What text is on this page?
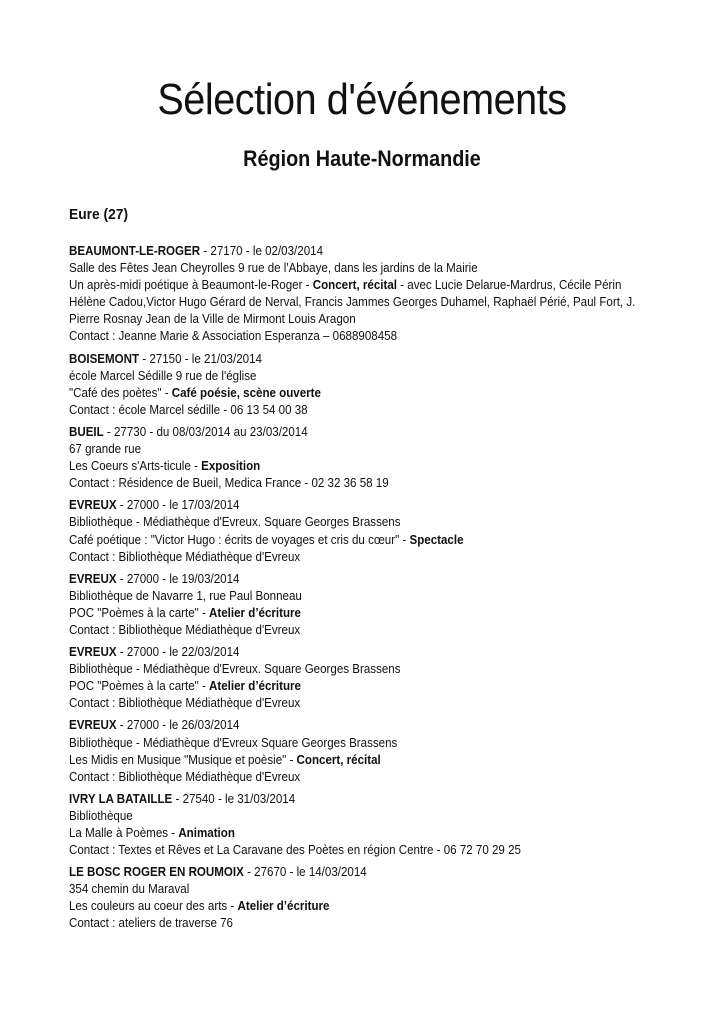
Sélection d'événements
Région Haute-Normandie
Eure (27)
BEAUMONT-LE-ROGER - 27170 - le 02/03/2014
Salle des Fêtes Jean Cheyrolles 9 rue de l'Abbaye, dans les jardins de la Mairie
Un après-midi poétique à Beaumont-le-Roger - Concert, récital - avec Lucie Delarue-Mardrus, Cécile Périn
Hélène Cadou,Victor Hugo Gérard de Nerval, Francis Jammes Georges Duhamel, Raphaël Périé, Paul Fort, J.
Pierre Rosnay Jean de la Ville de Mirmont Louis Aragon
Contact : Jeanne Marie & Association Esperanza – 0688908458
BOISEMONT - 27150 - le 21/03/2014
école Marcel Sédille 9 rue de l'église
"Café des poètes" - Café poésie, scène ouverte
Contact : école Marcel sédille - 06 13 54 00 38
BUEIL - 27730 - du 08/03/2014 au 23/03/2014
67 grande rue
Les Coeurs s'Arts-ticule - Exposition
Contact : Résidence de Bueil, Medica France - 02 32 36 58 19
EVREUX - 27000 - le 17/03/2014
Bibliothèque - Médiathèque d'Evreux. Square Georges Brassens
Café poétique : "Victor Hugo : écrits de voyages et cris du cœur" - Spectacle
Contact : Bibliothèque Médiathèque d'Evreux
EVREUX - 27000 - le 19/03/2014
Bibliothèque de Navarre 1, rue Paul Bonneau
POC "Poèmes à la carte" - Atelier d’écriture
Contact : Bibliothèque Médiathèque d'Evreux
EVREUX - 27000 - le 22/03/2014
Bibliothèque - Médiathèque d'Evreux. Square Georges Brassens
POC "Poèmes à la carte" - Atelier d’écriture
Contact : Bibliothèque Médiathèque d'Evreux
EVREUX - 27000 - le 26/03/2014
Bibliothèque - Médiathèque d'Evreux Square Georges Brassens
Les Midis en Musique "Musique et poèsie" - Concert, récital
Contact : Bibliothèque Médiathèque d'Evreux
IVRY LA BATAILLE - 27540 - le 31/03/2014
Bibliothèque
La Malle à Poèmes - Animation
Contact : Textes et Rêves et La Caravane des Poètes en région Centre - 06 72 70 29 25
LE BOSC ROGER EN ROUMOIX - 27670 - le 14/03/2014
354 chemin du Maraval
Les couleurs au coeur des arts - Atelier d’écriture
Contact : ateliers de traverse 76
